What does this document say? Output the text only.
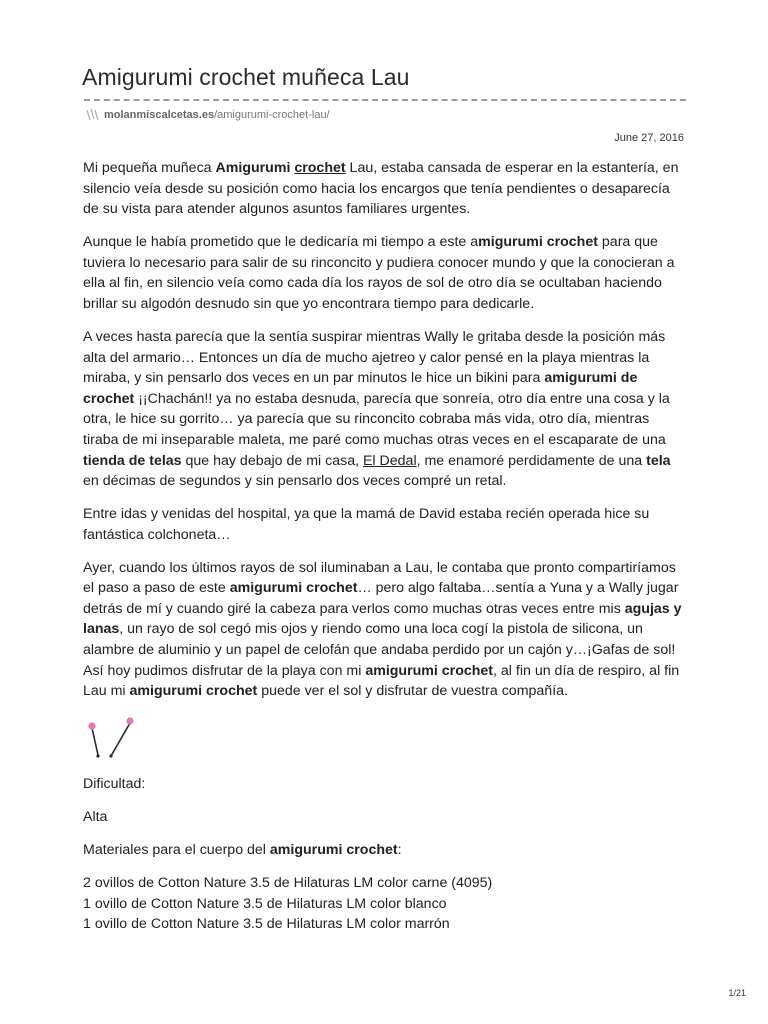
Amigurumi crochet muñeca Lau
molanmiscalcetas.es /amigurumi-crochet-lau/
June 27, 2016

Mi pequeña muñeca Amigurumi crochet Lau, estaba cansada de esperar en la estantería, en silencio veía desde su posición como hacia los encargos que tenía pendientes o desaparecía de su vista para atender algunos asuntos familiares urgentes.

Aunque le había prometido que le dedicaría mi tiempo a este amigurumi crochet para que tuviera lo necesario para salir de su rinconcito y pudiera conocer mundo y que la conocieran a ella al fin, en silencio veía como cada día los rayos de sol de otro día se ocultaban haciendo brillar su algodón desnudo sin que yo encontrara tiempo para dedicarle.

A veces hasta parecía que la sentía suspirar mientras Wally le gritaba desde la posición más alta del armario… Entonces un día de mucho ajetreo y calor pensé en la playa mientras la miraba, y sin pensarlo dos veces en un par minutos le hice un bikini para amigurumi de crochet ¡¡Chachán!! ya no estaba desnuda, parecía que sonreía, otro día entre una cosa y la otra, le hice su gorrito… ya parecía que su rinconcito cobraba más vida, otro día, mientras tiraba de mi inseparable maleta, me paré como muchas otras veces en el escaparate de una tienda de telas que hay debajo de mi casa, El Dedal, me enamoré perdidamente de una tela en décimas de segundos y sin pensarlo dos veces compré un retal.

Entre idas y venidas del hospital, ya que la mamá de David estaba recién operada hice su fantástica colchoneta…

Ayer, cuando los últimos rayos de sol iluminaban a Lau, le contaba que pronto compartiríamos el paso a paso de este amigurumi crochet… pero algo faltaba…sentía a Yuna y a Wally jugar detrás de mí y cuando giré la cabeza para verlos como muchas otras veces entre mis agujas y lanas, un rayo de sol cegó mis ojos y riendo como una loca cogí la pistola de silicona, un alambre de aluminio y un papel de celofán que andaba perdido por un cajón y…¡Gafas de sol! Así hoy pudimos disfrutar de la playa con mi amigurumi crochet, al fin un día de respiro, al fin Lau mi amigurumi crochet puede ver el sol y disfrutar de vuestra compañía.

Dificultad:

Alta

Materiales para el cuerpo del amigurumi crochet:

2 ovillos de Cotton Nature 3.5 de Hilaturas LM color carne (4095)
1 ovillo de Cotton Nature 3.5 de Hilaturas LM color blanco
1 ovillo de Cotton Nature 3.5 de Hilaturas LM color marrón
1/21
